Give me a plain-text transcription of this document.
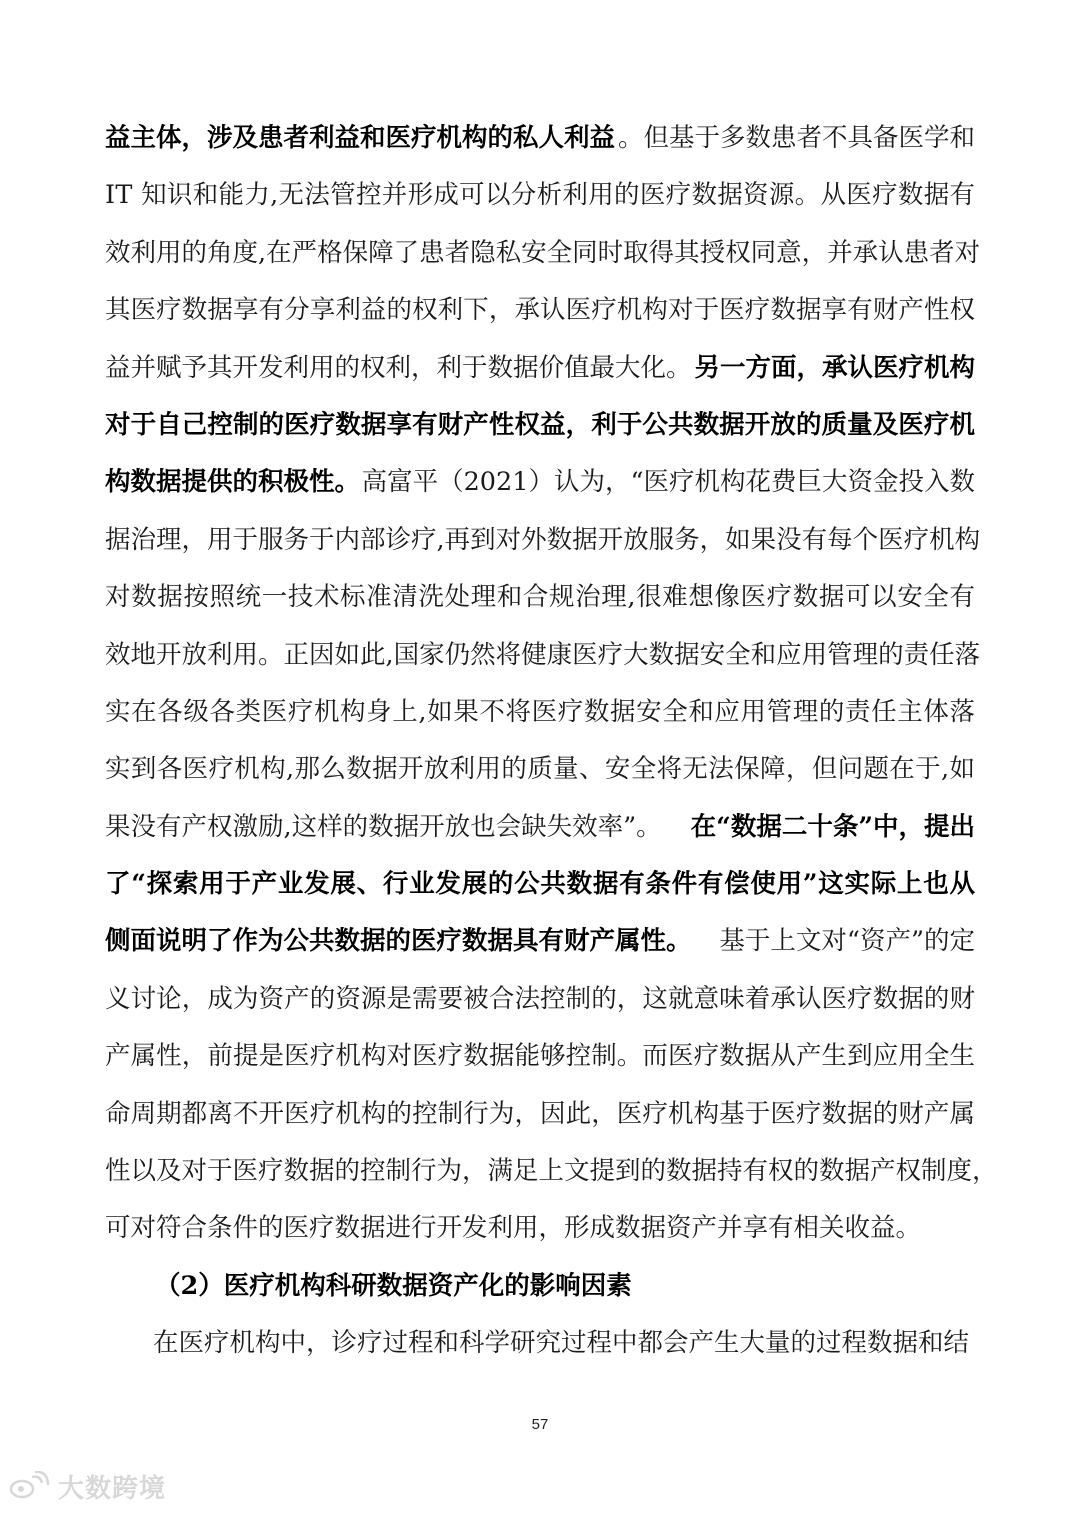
益主体，涉及患者利益和医疗机构的私人利益 。但基于多数患者不具备医学和
IT 知识和能力,无法管控并形成可以分析利用的医疗数据资源。从医疗数据有
效利用的角度,在严格保障了患者隐私安全同时取得其授权同意，并承认患者对
其医疗数据享有分享利益的权利下，承认医疗机构对于医疗数据享有财产性权
益并赋予其开发利用的权利，利于数据价值最大化。 另一方面，承认医疗机构
对于自己控制的医疗数据享有财产性权益，利于公共数据开放的质量及医疗机
构数据提供的积极性。 高富平（2021）认为，“医疗机构花费巨大资金投入数
据治理，用于服务于内部诊疗,再到对外数据开放服务，如果没有每个医疗机构
对数据按照统一技术标准清洗处理和合规治理,很难想像医疗数据可以安全有
效地开放利用。正因如此,国家仍然将健康医疗大数据安全和应用管理的责任落
实在各级各类医疗机构身上,如果不将医疗数据安全和应用管理的责任主体落
实到各医疗机构,那么数据开放利用的质量、安全将无法保障，但问题在于,如
果没有产权激励,这样的数据开放也会缺失效率”。 在“数据二十条”中，提出
了“探索用于产业发展、行业发展的公共数据有条件有偿使用”这实际上也从
侧面说明了作为公共数据的医疗数据具有财产属性。 基于上文对“资产”的定
义讨论，成为资产的资源是需要被合法控制的，这就意味着承认医疗数据的财
产属性，前提是医疗机构对医疗数据能够控制。而医疗数据从产生到应用全生
命周期都离不开医疗机构的控制行为，因此，医疗机构基于医疗数据的财产属
性以及对于医疗数据的控制行为，满足上文提到的数据持有权的数据产权制度，
可对符合条件的医疗数据进行开发利用，形成数据资产并享有相关收益。
（2）医疗机构科研数据资产化的影响因素
在医疗机构中，诊疗过程和科学研究过程中都会产生大量的过程数据和结
57
大数跨境
